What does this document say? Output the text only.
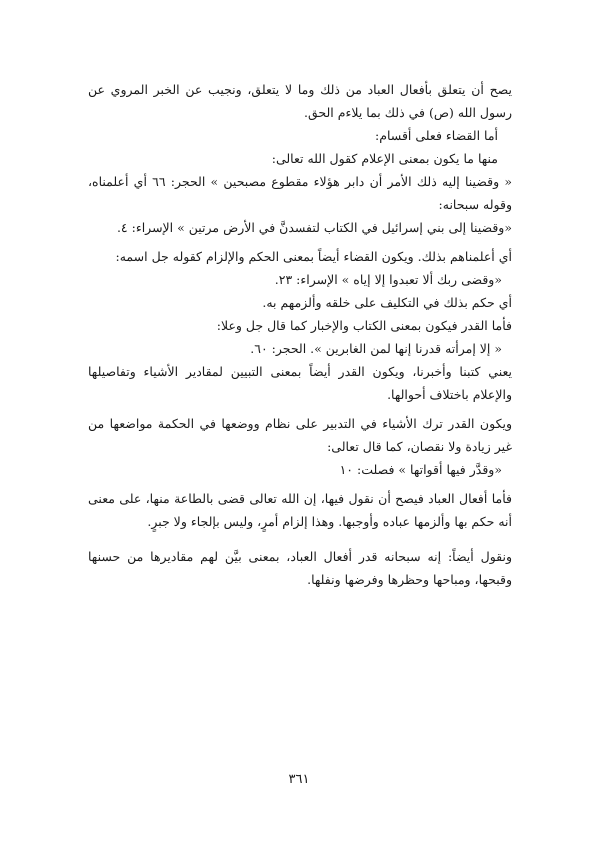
يصح أن يتعلق بأفعال العباد من ذلك وما لا يتعلق، ونجيب عن الخبر المروي عن رسول الله (ص) في ذلك بما يلاءم الحق.

أما القضاء فعلى أقسام:

منها ما يكون بمعنى الإعلام كقول الله تعالى:

« وقضينا إليه ذلك الأمر أن دابر هؤلاء مقطوع مصبحين » الحجر: ٦٦ أي أعلمناه، وقوله سبحانه:

«وقضينا إلى بني إسرائيل في الكتاب لتفسدنَّ في الأرض مرتين » الإسراء: ٤.

أي أعلمناهم بذلك. ويكون القضاء أيضاً بمعنى الحكم والإلزام كقوله جل اسمه:

«وقضى ربك ألا تعبدوا إلا إياه » الإسراء: ٢٣.

أي حكم بذلك في التكليف على خلقه وألزمهم به.

فأما القدر فيكون بمعنى الكتاب والإخبار كما قال جل وعلا:

« إلا إمرأته قدرنا إنها لمن الغابرين ». الحجر: ٦٠.

يعني كتبنا وأخبرنا، ويكون القدر أيضاً بمعنى التبيين لمقادير الأشياء وتفاصيلها والإعلام باختلاف أحوالها.

ويكون القدر ترك الأشياء في التدبير على نظام ووضعها في الحكمة مواضعها من غير زيادة ولا نقصان، كما قال تعالى:

«وقدَّر فيها أقواتها » فصلت: ١٠

فأما أفعال العباد فيصح أن نقول فيها، إن الله تعالى قضى بالطاعة منها، على معنى أنه حكم بها وألزمها عباده وأوجبها. وهذا إلزام أمرٍ، وليس بإلجاء ولا جبرٍ.

ونقول أيضاً: إنه سبحانه قدر أفعال العباد، بمعنى بيَّن لهم مقاديرها من حسنها وقبحها، ومباحها وحظرها وفرضها ونفلها.

٣٦١
